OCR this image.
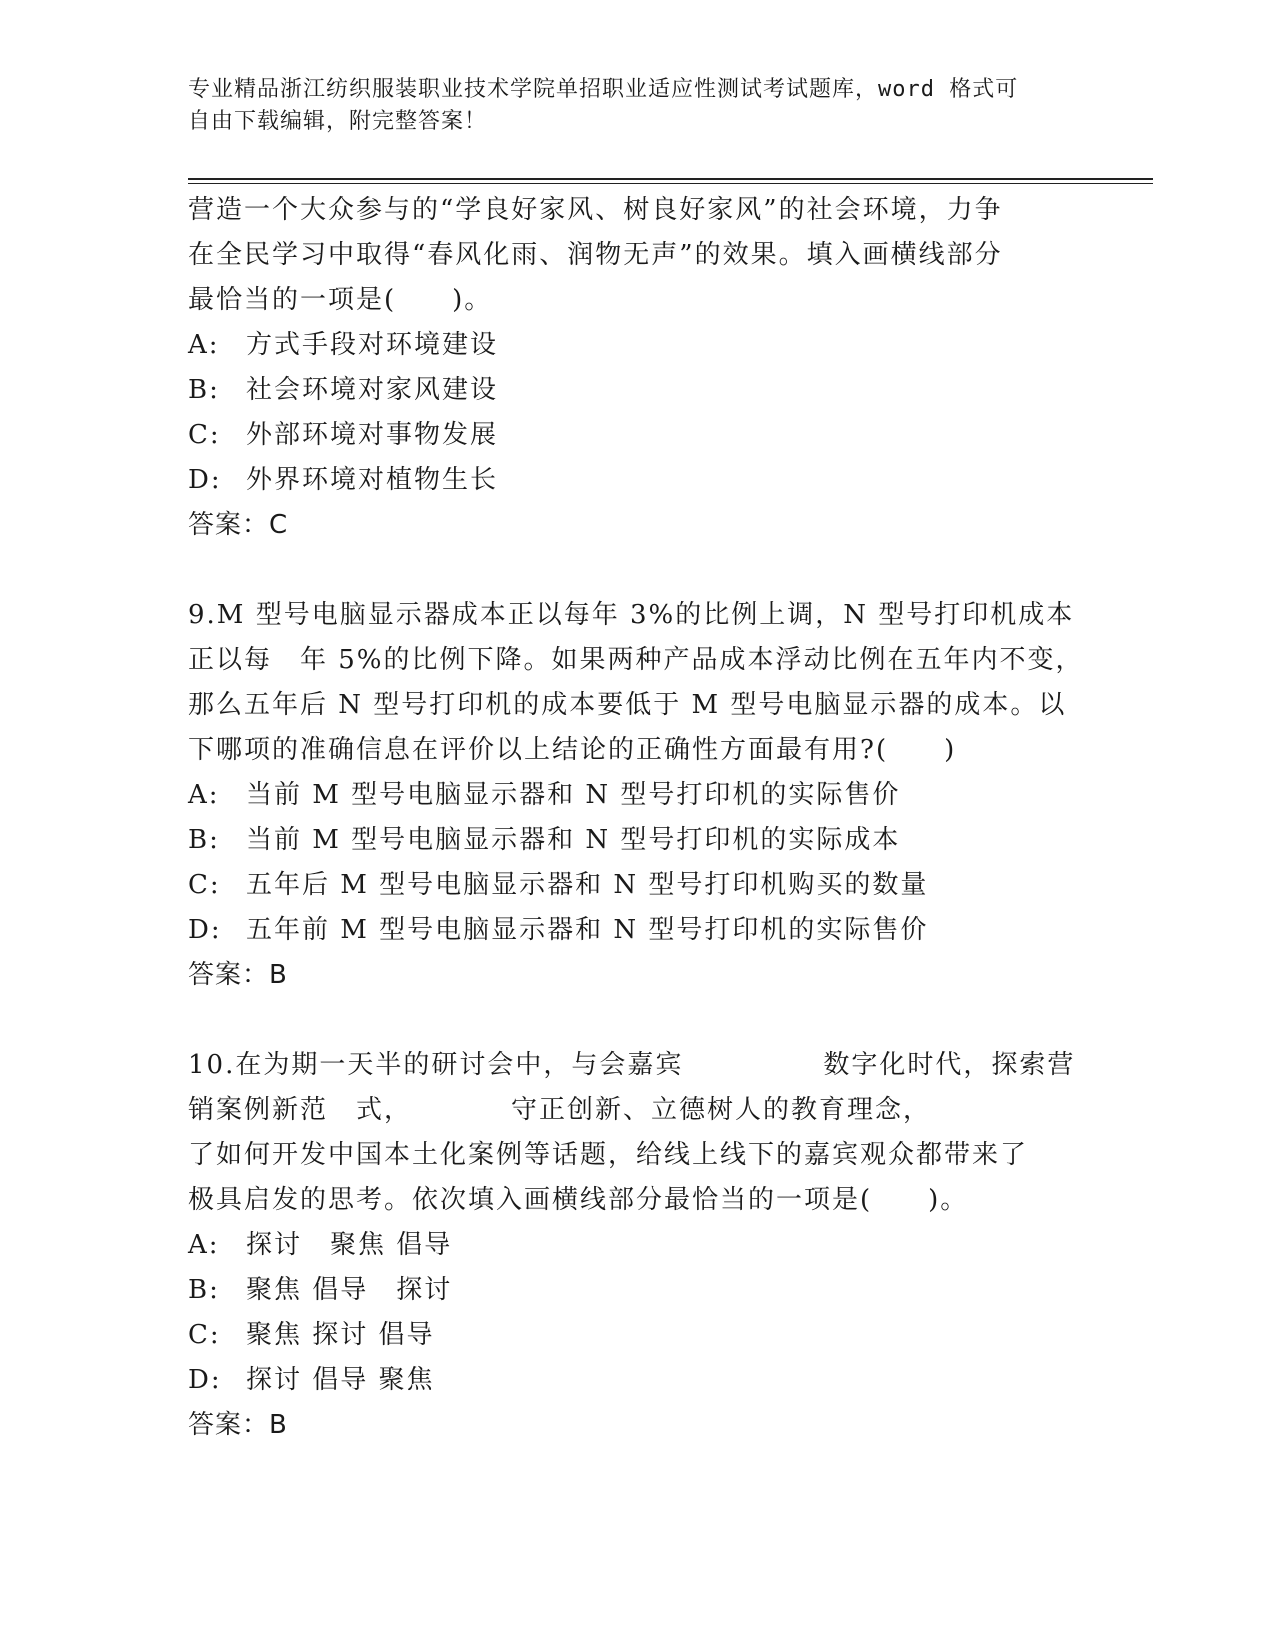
专业精品浙江纺织服装职业技术学院单招职业适应性测试考试题库，word 格式可
自由下载编辑，附完整答案！
营造一个大众参与的“学良好家风、树良好家风”的社会环境，力争
在全民学习中取得“春风化雨、润物无声”的效果。填入画横线部分
最恰当的一项是(　　)。
A:	方式手段对环境建设
B:	社会环境对家风建设
C: 外部环境对事物发展
D: 外界环境对植物生长
答案：C
9.M 型号电脑显示器成本正以每年 3%的比例上调，N 型号打印机成本
正以每　年 5%的比例下降。如果两种产品成本浮动比例在五年内不变，
那么五年后 N 型号打印机的成本要低于 M 型号电脑显示器的成本。以
下哪项的准确信息在评价以上结论的正确性方面最有用?(　　)
A:	当前 M 型号电脑显示器和 N 型号打印机的实际售价
B:	当前 M 型号电脑显示器和 N 型号打印机的实际成本
C: 五年后 M 型号电脑显示器和 N 型号打印机购买的数量
D: 五年前 M 型号电脑显示器和 N 型号打印机的实际售价
答案：B
10.在为期一天半的研讨会中，与会嘉宾　　　　　数字化时代，探索营
销案例新范　式，　　　　守正创新、立德树人的教育理念，
了如何开发中国本土化案例等话题，给线上线下的嘉宾观众都带来了
极具启发的思考。依次填入画横线部分最恰当的一项是(　　)。
A:	探讨　聚焦 倡导
B:	聚焦 倡导　探讨
C: 聚焦 探讨 倡导
D: 探讨 倡导 聚焦
答案：B
